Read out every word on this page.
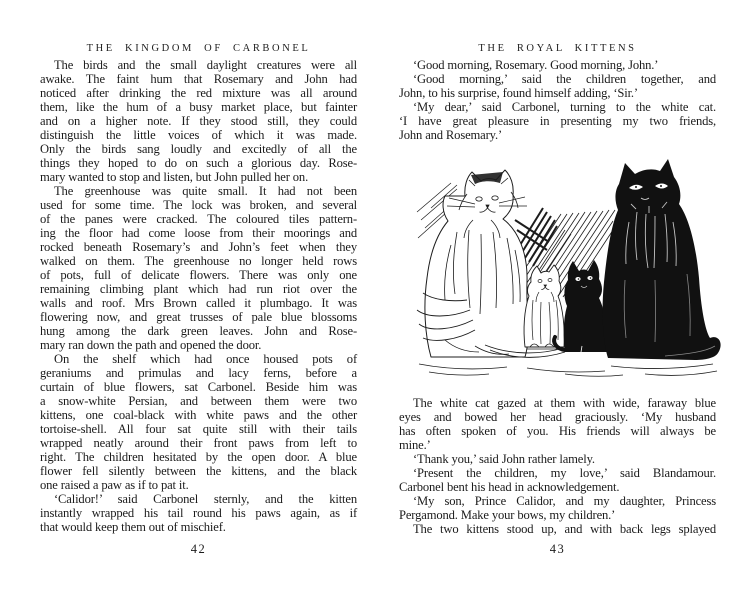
THE KINGDOM OF CARBONEL

The birds and the small daylight creatures were all
awake. The faint hum that Rosemary and John had
noticed after drinking the red mixture was all around
them, like the hum of a busy market place, but fainter
and on a higher note. If they stood still, they could
distinguish the little voices of which it was made.
Only the birds sang loudly and excitedly of all the
things they hoped to do on such a glorious day. Rose-
mary wanted to stop and listen, but John pulled her on.

The greenhouse was quite small. It had not been
used for some time. The lock was broken, and several
of the panes were cracked. The coloured tiles pattern-
ing the floor had come loose from their moorings and
rocked beneath Rosemary’s and John’s feet when they
walked on them. The greenhouse no longer held rows
of pots, full of delicate flowers. There was only one
remaining climbing plant which had run riot over the
walls and roof. Mrs Brown called it plumbago. It was
flowering now, and great trusses of pale blue blossoms
hung among the dark green leaves. John and Rose-
mary ran down the path and opened the door.

On the shelf which had once housed pots of
geraniums and primulas and lacy ferns, before a
curtain of blue flowers, sat Carbonel. Beside him was
a snow-white Persian, and between them were two
kittens, one coal-black with white paws and the other
tortoise-shell. All four sat quite still with their tails
wrapped neatly around their front paws from left to
right. The children hesitated by the open door. A blue
flower fell silently between the kittens, and the black
one raised a paw as if to pat it.

‘Calidor!’ said Carbonel sternly, and the kitten
instantly wrapped his tail round his paws again, as if
that would keep them out of mischief.

42
THE ROYAL KITTENS

‘Good morning, Rosemary. Good morning, John.’

‘Good morning,’ said the children together, and
John, to his surprise, found himself adding, ‘Sir.’

‘My dear,’ said Carbonel, turning to the white cat.
‘I have great pleasure in presenting my two friends,
John and Rosemary.’

The white cat gazed at them with wide, faraway blue
eyes and bowed her head graciously. ‘My husband
has often spoken of you. His friends will always be
mine.’

‘Thank you,’ said John rather lamely.

‘Present the children, my love,’ said Blandamour.
Carbonel bent his head in acknowledgement.

‘My son, Prince Calidor, and my daughter, Princess
Pergamond. Make your bows, my children.’

The two kittens stood up, and with back legs splayed

43
